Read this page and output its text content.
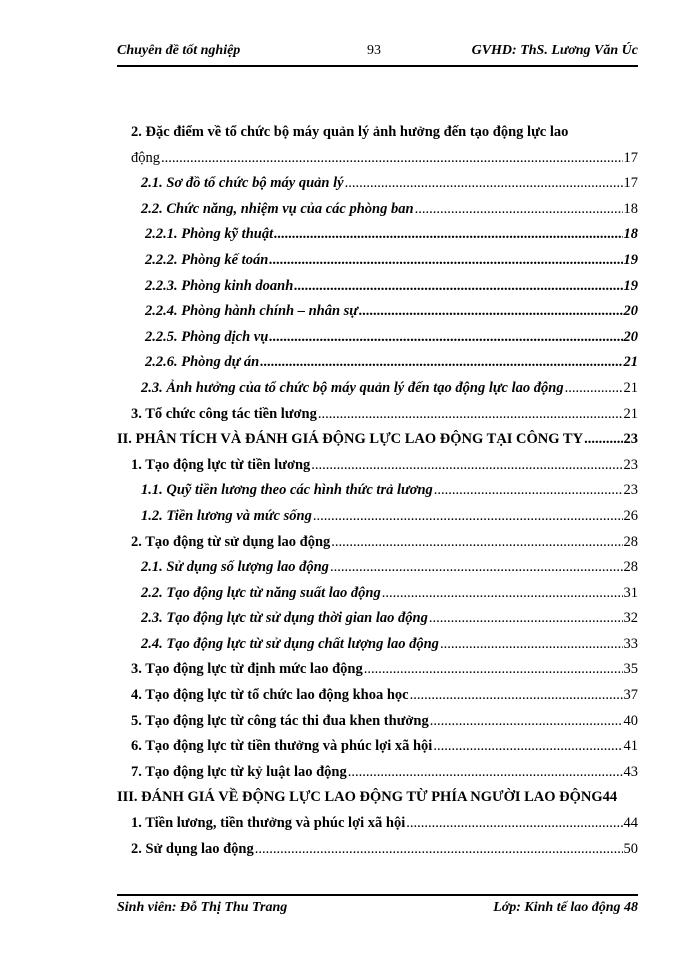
Chuyên đề tốt nghiệp	93	GVHD: ThS. Lương Văn Úc
2. Đặc điểm về tổ chức bộ máy quản lý ảnh hưởng đến tạo động lực lao
động .....	17
2.1. Sơ đồ tổ chức bộ máy quản lý .....	17
2.2. Chức năng, nhiệm vụ của các phòng ban .....	18
2.2.1. Phòng kỹ thuật .....	18
2.2.2. Phòng kế toán .....	19
2.2.3. Phòng kinh doanh .....	19
2.2.4. Phòng hành chính – nhân sự .....	20
2.2.5. Phòng dịch vụ .....	20
2.2.6. Phòng dự án .....	21
2.3. Ảnh hưởng của tổ chức bộ máy quản lý đến tạo động lực lao động .....	21
3. Tổ chức công tác tiền lương .....	21
II. PHÂN TÍCH VÀ ĐÁNH GIÁ ĐỘNG LỰC LAO ĐỘNG TẠI CÔNG TY .....	23
1. Tạo động lực từ tiền lương .....	23
1.1. Quỹ tiền lương theo các hình thức trả lương .....	23
1.2. Tiền lương và mức sống .....	26
2. Tạo động từ sử dụng lao động .....	28
2.1. Sử dụng số lượng lao động .....	28
2.2. Tạo động lực từ năng suất lao động .....	31
2.3. Tạo động lực từ sử dụng thời gian lao động .....	32
2.4. Tạo động lực từ sử dụng chất lượng lao động .....	33
3. Tạo động lực từ định mức lao động .....	35
4. Tạo động lực từ tổ chức lao động khoa học .....	37
5. Tạo động lực từ công tác thi đua khen thưởng .....	40
6. Tạo động lực từ tiền thưởng và phúc lợi xã hội .....	41
7. Tạo động lực từ kỷ luật lao động .....	43
III. ĐÁNH GIÁ VỀ ĐỘNG LỰC LAO ĐỘNG TỪ PHÍA NGƯỜI LAO ĐỘNG 44
1. Tiền lương, tiền thưởng và phúc lợi xã hội .....	44
2. Sử dụng lao động .....	50
Sinh viên: Đỗ Thị Thu Trang	Lớp: Kinh tế lao động 48
